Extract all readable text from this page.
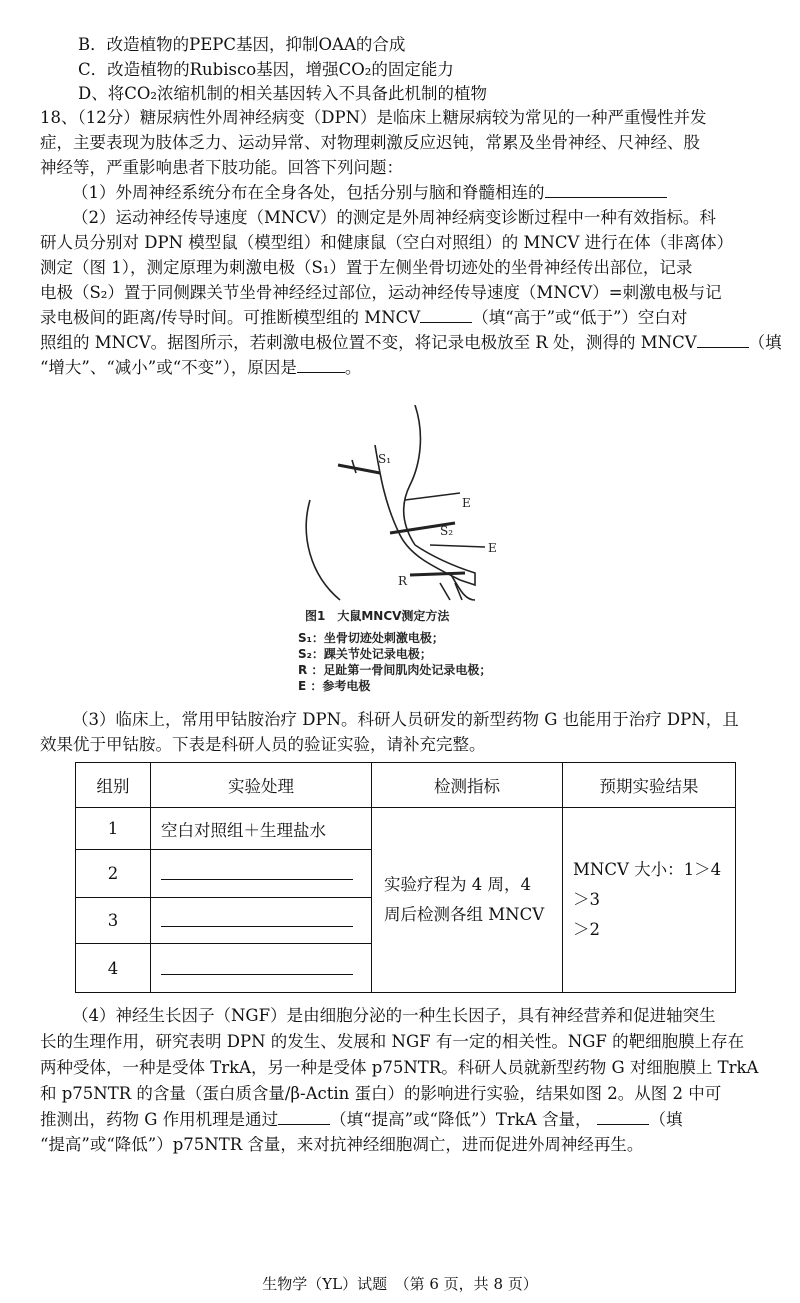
B．改造植物的PEPC基因，抑制OAA的合成
C．改造植物的Rubisco基因，增强CO₂的固定能力
D、将CO₂浓缩机制的相关基因转入不具备此机制的植物
18、（12分）糖尿病性外周神经病变（DPN）是临床上糖尿病较为常见的一种严重慢性并发
症，主要表现为肢体乏力、运动异常、对物理刺激反应迟钝，常累及坐骨神经、尺神经、股
神经等，严重影响患者下肢功能。回答下列问题：
（1）外周神经系统分布在全身各处，包括分别与脑和脊髓相连的
（2）运动神经传导速度（MNCV）的测定是外周神经病变诊断过程中一种有效指标。科
研人员分别对 DPN 模型鼠（模型组）和健康鼠（空白对照组）的 MNCV 进行在体（非离体）
测定（图 1），测定原理为刺激电极（S₁）置于左侧坐骨切迹处的坐骨神经传出部位，记录
电极（S₂）置于同侧踝关节坐骨神经经过部位，运动神经传导速度（MNCV）=刺激电极与记
录电极间的距离/传导时间。可推断模型组的 MNCV	（填“高于”或“低于”）空白对
照组的 MNCV。据图所示，若刺激电极位置不变，将记录电极放至 R 处，测得的 MNCV	（填
“增大”、“减小”或“不变”），原因是	。
S₁
E
S₂
E
R
图1　大鼠MNCV测定方法
S₁：坐骨切迹处刺激电极；
S₂：踝关节处记录电极；
R ：足趾第一骨间肌肉处记录电极；
E ：参考电极
（3）临床上，常用甲钴胺治疗 DPN。科研人员研发的新型药物 G 也能用于治疗 DPN，且
效果优于甲钴胺。下表是科研人员的验证实验，请补充完整。
组别	实验处理	检测指标	预期实验结果
1	空白对照组＋生理盐水	实验疗程为 4 周，4
周后检测各组 MNCV	MNCV 大小：1＞4＞3
＞2
2			
3			
4			
（4）神经生长因子（NGF）是由细胞分泌的一种生长因子，具有神经营养和促进轴突生
长的生理作用，研究表明 DPN 的发生、发展和 NGF 有一定的相关性。NGF 的靶细胞膜上存在
两种受体，一种是受体 TrkA，另一种是受体 p75NTR。科研人员就新型药物 G 对细胞膜上 TrkA
和 p75NTR 的含量（蛋白质含量/β-Actin 蛋白）的影响进行实验，结果如图 2。从图 2 中可
推测出，药物 G 作用机理是通过	（填“提高”或“降低”）TrkA 含量，	（填
“提高”或“降低”）p75NTR 含量，来对抗神经细胞凋亡，进而促进外周神经再生。
生物学（YL）试题　（第 6 页，共 8 页）
